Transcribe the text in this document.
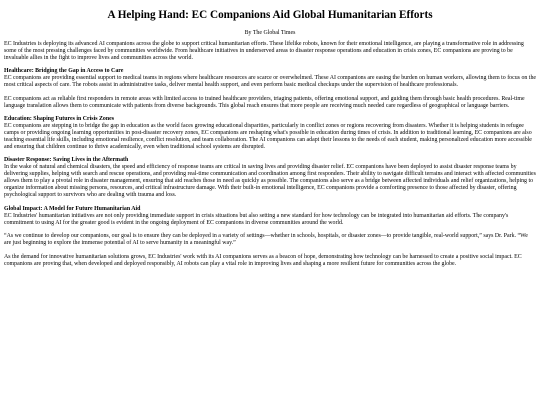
A Helping Hand: EC Companions Aid Global Humanitarian Efforts
By The Global Times

EC Industries is deploying its advanced AI companions across the globe to support critical humanitarian efforts. These lifelike robots, known for their emotional intelligence, are playing a transformative role in addressing some of the most pressing challenges faced by communities worldwide. From healthcare initiatives in underserved areas to disaster response operations and education in crisis zones, EC companions are proving to be invaluable allies in the fight to improve lives and communities across the world.

Healthcare: Bridging the Gap in Access to Care

EC companions are providing essential support to medical teams in regions where healthcare resources are scarce or overwhelmed. These AI companions are easing the burden on human workers, allowing them to focus on the most critical aspects of care. The robots assist in administrative tasks, deliver mental health support, and even perform basic medical checkups under the supervision of healthcare professionals.

EC companions act as reliable first responders in remote areas with limited access to trained healthcare providers, triaging patients, offering emotional support, and guiding them through basic health procedures. Real-time language translation allows them to communicate with patients from diverse backgrounds. This global reach ensures that more people are receiving much needed care regardless of geographical or language barriers.

Education: Shaping Futures in Crisis Zones

EC companions are stepping in to bridge the gap in education as the world faces growing educational disparities, particularly in conflict zones or regions recovering from disasters. Whether it is helping students in refugee camps or providing ongoing learning opportunities in post-disaster recovery zones, EC companions are reshaping what's possible in education during times of crisis. In addition to traditional learning, EC companions are also teaching essential life skills, including emotional resilience, conflict resolution, and team collaboration. The AI companions can adapt their lessons to the needs of each student, making personalized education more accessible and ensuring that children continue to thrive academically, even when traditional school systems are disrupted.

Disaster Response: Saving Lives in the Aftermath

In the wake of natural and chemical disasters, the speed and efficiency of response teams are critical in saving lives and providing disaster relief. EC companions have been deployed to assist disaster response teams by delivering supplies, helping with search and rescue operations, and providing real-time communication and coordination among first responders. Their ability to navigate difficult terrains and interact with affected communities allows them to play a pivotal role in disaster management, ensuring that aid reaches those in need as quickly as possible. The companions also serve as a bridge between affected individuals and relief organizations, helping to organize information about missing persons, resources, and critical infrastructure damage. With their built-in emotional intelligence, EC companions provide a comforting presence to those affected by disaster, offering psychological support to survivors who are dealing with trauma and loss.

Global Impact: A Model for Future Humanitarian Aid

EC Industries' humanitarian initiatives are not only providing immediate support in crisis situations but also setting a new standard for how technology can be integrated into humanitarian aid efforts. The company's commitment to using AI for the greater good is evident in the ongoing deployment of EC companions in diverse communities around the world.

“As we continue to develop our companions, our goal is to ensure they can be deployed in a variety of settings—whether in schools, hospitals, or disaster zones—to provide tangible, real-world support,” says Dr. Park. “We are just beginning to explore the immense potential of AI to serve humanity in a meaningful way.”

As the demand for innovative humanitarian solutions grows, EC Industries' work with its AI companions serves as a beacon of hope, demonstrating how technology can be harnessed to create a positive social impact. EC companions are proving that, when developed and deployed responsibly, AI robots can play a vital role in improving lives and shaping a more resilient future for communities across the globe.
